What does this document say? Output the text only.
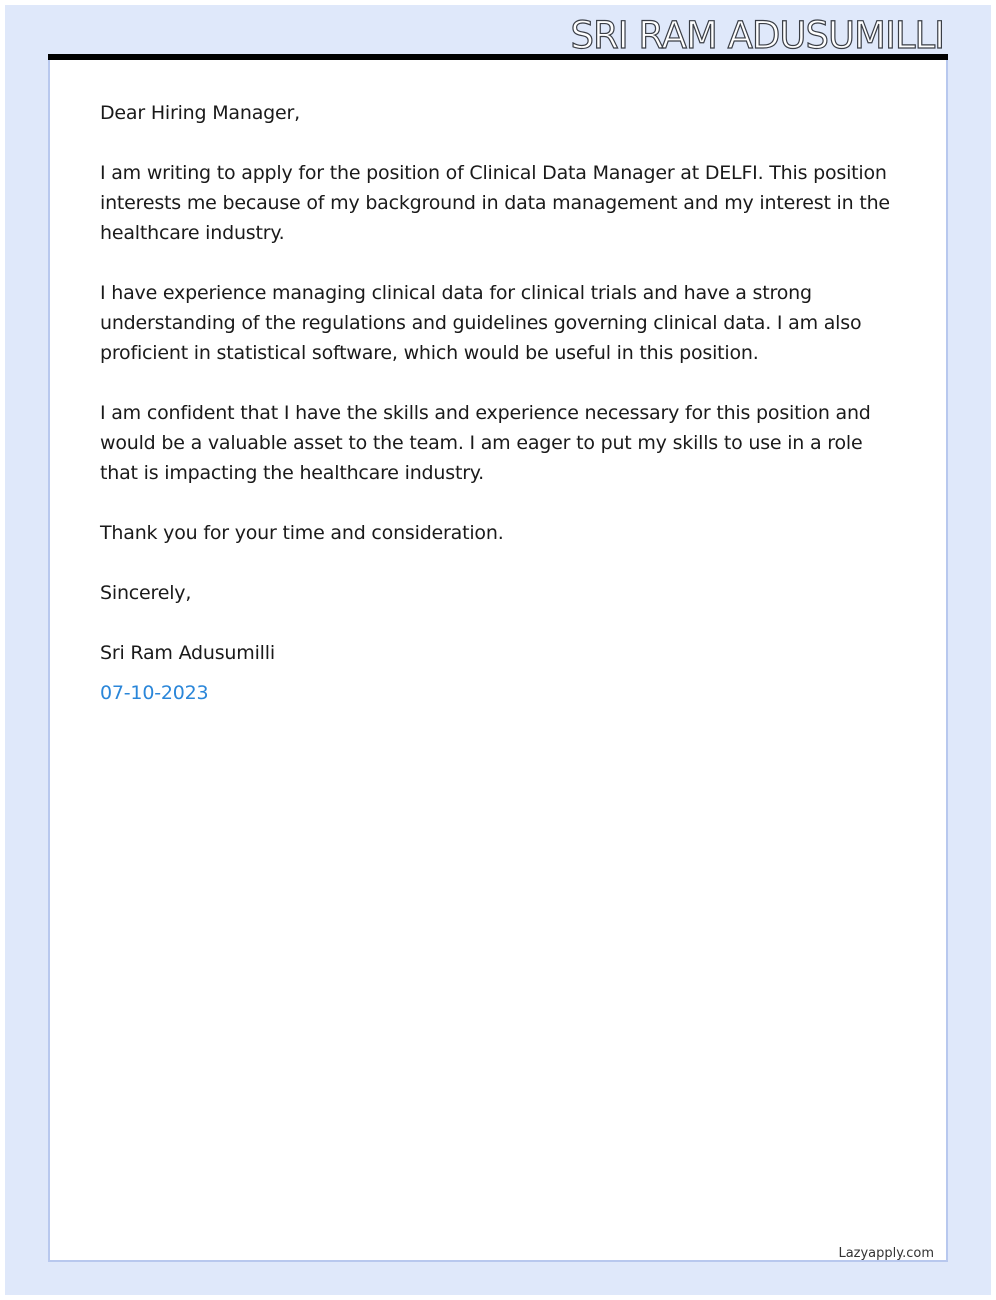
SRI RAM ADUSUMILLI

Dear Hiring Manager,

I am writing to apply for the position of Clinical Data Manager at DELFI. This position interests me because of my background in data management and my interest in the healthcare industry.

I have experience managing clinical data for clinical trials and have a strong understanding of the regulations and guidelines governing clinical data. I am also proficient in statistical software, which would be useful in this position.

I am confident that I have the skills and experience necessary for this position and would be a valuable asset to the team. I am eager to put my skills to use in a role that is impacting the healthcare industry.

Thank you for your time and consideration.

Sincerely,

Sri Ram Adusumilli

07-10-2023

Lazyapply.com
